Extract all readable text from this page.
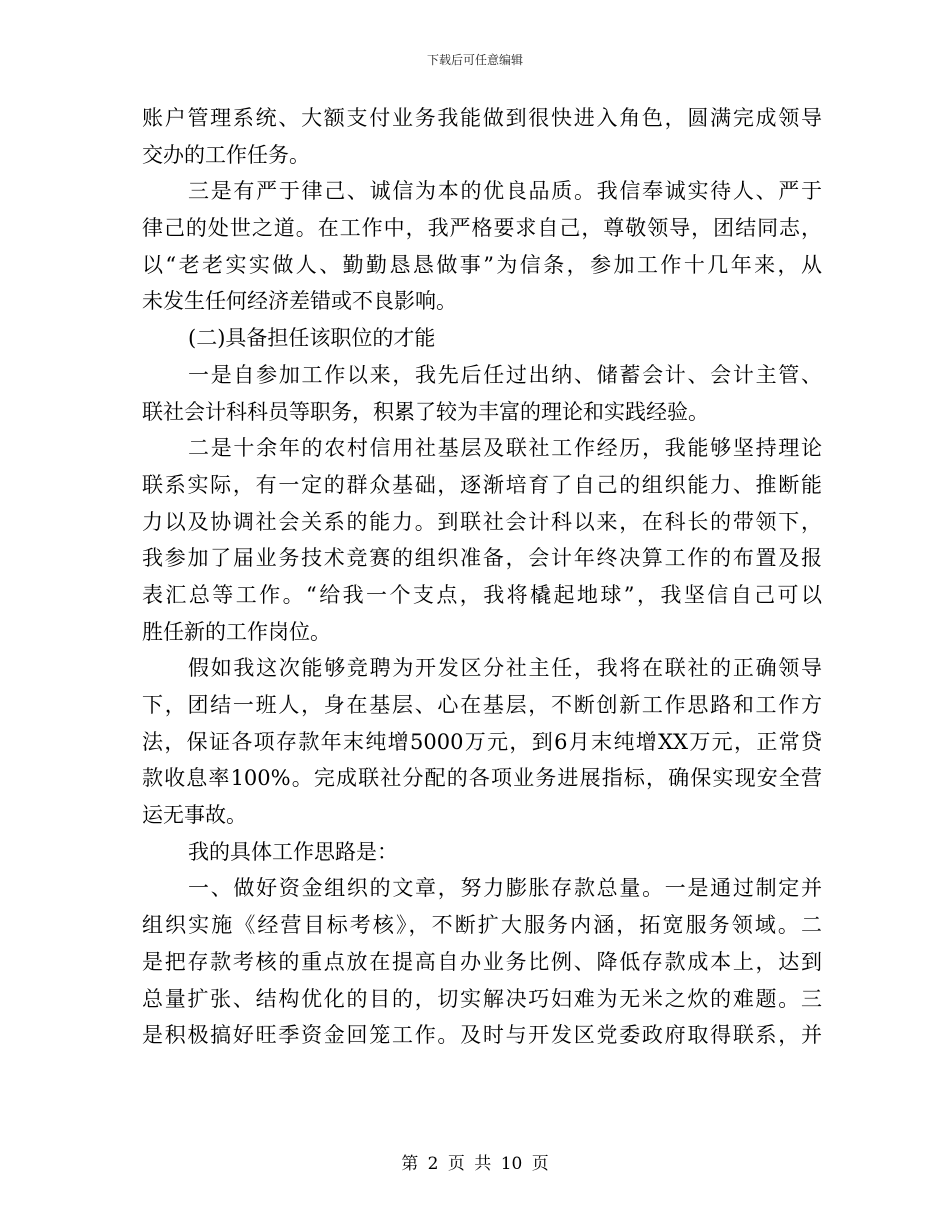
下载后可任意编辑
账户管理系统、大额支付业务我能做到很快进入角色，圆满完成领导
交办的工作任务。
三是有严于律己、诚信为本的优良品质。我信奉诚实待人、严于
律己的处世之道。在工作中，我严格要求自己，尊敬领导，团结同志，
以“老老实实做人、勤勤恳恳做事”为信条，参加工作十几年来，从
未发生任何经济差错或不良影响。
(二)具备担任该职位的才能
一是自参加工作以来，我先后任过出纳、储蓄会计、会计主管、
联社会计科科员等职务，积累了较为丰富的理论和实践经验。
二是十余年的农村信用社基层及联社工作经历，我能够坚持理论
联系实际，有一定的群众基础，逐渐培育了自己的组织能力、推断能
力以及协调社会关系的能力。到联社会计科以来，在科长的带领下，
我参加了届业务技术竞赛的组织准备，会计年终决算工作的布置及报
表汇总等工作。“给我一个支点，我将橇起地球”，我坚信自己可以
胜任新的工作岗位。
假如我这次能够竞聘为开发区分社主任，我将在联社的正确领导
下，团结一班人，身在基层、心在基层，不断创新工作思路和工作方
法，保证各项存款年末纯增5000万元，到6月末纯增XX万元，正常贷
款收息率100%。完成联社分配的各项业务进展指标，确保实现安全营
运无事故。
我的具体工作思路是：
一、做好资金组织的文章，努力膨胀存款总量。一是通过制定并
组织实施《经营目标考核》，不断扩大服务内涵，拓宽服务领域。二
是把存款考核的重点放在提高自办业务比例、降低存款成本上，达到
总量扩张、结构优化的目的，切实解决巧妇难为无米之炊的难题。三
是积极搞好旺季资金回笼工作。及时与开发区党委政府取得联系，并
第 2 页 共 10 页
